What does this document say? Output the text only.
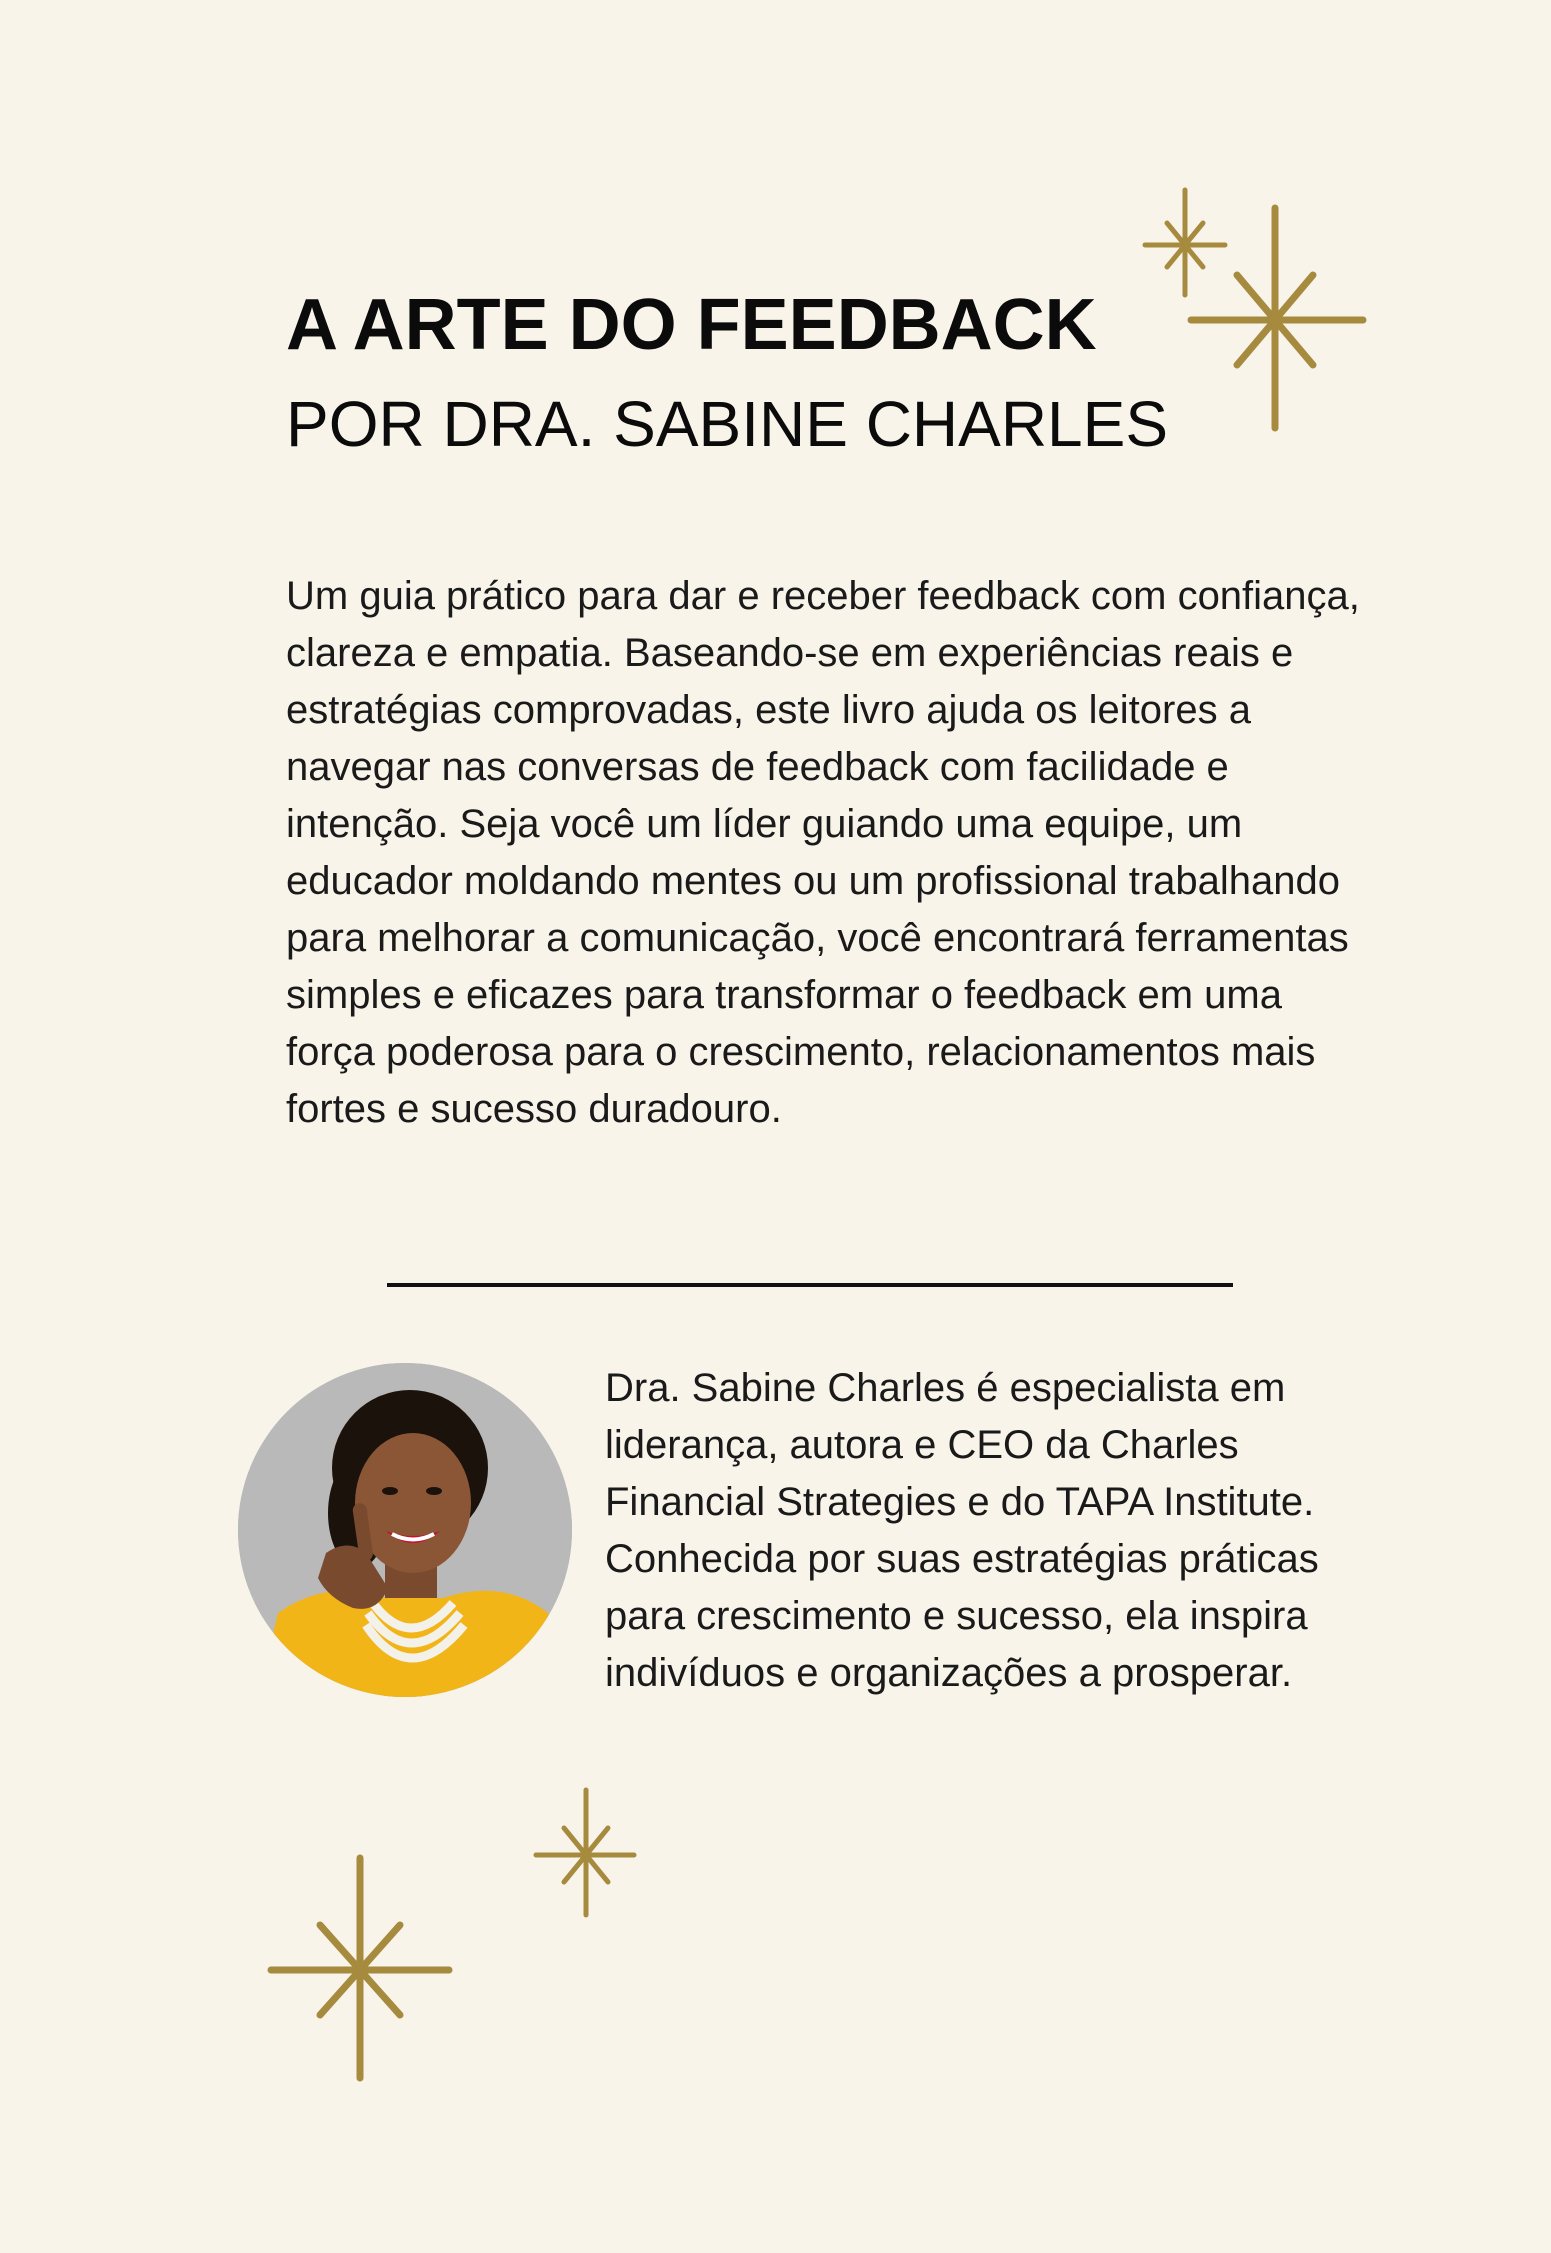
A ARTE DO FEEDBACK
POR DRA. SABINE CHARLES

Um guia prático para dar e receber feedback com confiança, clareza e empatia. Baseando-se em experiências reais e estratégias comprovadas, este livro ajuda os leitores a navegar nas conversas de feedback com facilidade e intenção. Seja você um líder guiando uma equipe, um educador moldando mentes ou um profissional trabalhando para melhorar a comunicação, você encontrará ferramentas simples e eficazes para transformar o feedback em uma força poderosa para o crescimento, relacionamentos mais fortes e sucesso duradouro.

Dra. Sabine Charles é especialista em liderança, autora e CEO da Charles Financial Strategies e do TAPA Institute. Conhecida por suas estratégias práticas para crescimento e sucesso, ela inspira indivíduos e organizações a prosperar.
